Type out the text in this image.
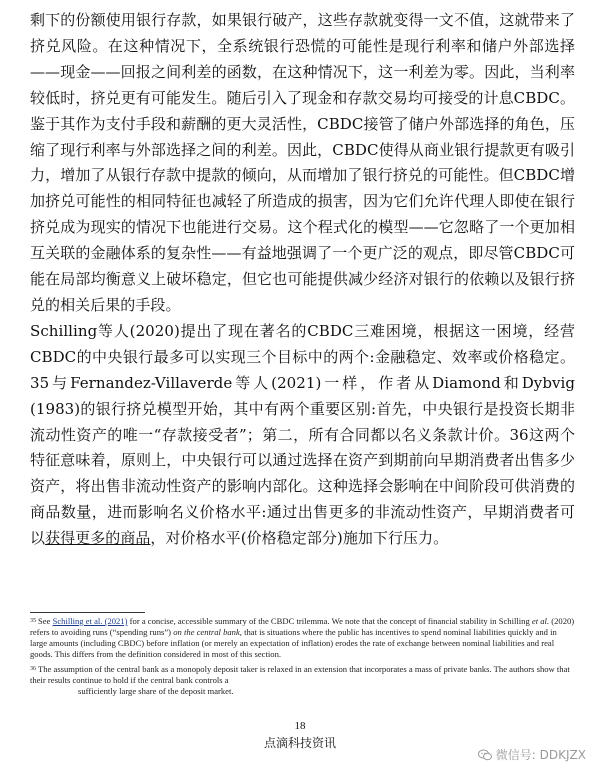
剩下的份额使用银行存款，如果银行破产，这些存款就变得一文不值，这就带来了挤兑风险。在这种情况下，全系统银行恐慌的可能性是现行利率和储户外部选择——现金——回报之间利差的函数，在这种情况下，这一利差为零。因此，当利率较低时，挤兑更有可能发生。随后引入了现金和存款交易均可接受的计息CBDC。鉴于其作为支付手段和薪酬的更大灵活性，CBDC接管了储户外部选择的角色，压缩了现行利率与外部选择之间的利差。因此，CBDC使得从商业银行提款更有吸引力，增加了从银行存款中提款的倾向，从而增加了银行挤兑的可能性。但CBDC增加挤兑可能性的相同特征也减轻了所造成的损害，因为它们允许代理人即使在银行挤兑成为现实的情况下也能进行交易。这个程式化的模型——它忽略了一个更加相互关联的金融体系的复杂性——有益地强调了一个更广泛的观点，即尽管CBDC可能在局部均衡意义上破坏稳定，但它也可能提供减少经济对银行的依赖以及银行挤兑的相关后果的手段。

Schilling等人(2020)提出了现在著名的CBDC三难困境，根据这一困境，经营CBDC的中央银行最多可以实现三个目标中的两个:金融稳定、效率或价格稳定。35与Fernandez-Villaverde等人(2021)一样，作者从Diamond和Dybvig (1983)的银行挤兑模型开始，其中有两个重要区别:首先，中央银行是投资长期非流动性资产的唯一“存款接受者”；第二，所有合同都以名义条款计价。36这两个特征意味着，原则上，中央银行可以通过选择在资产到期前向早期消费者出售多少资产，将出售非流动性资产的影响内部化。这种选择会影响在中间阶段可供消费的商品数量，进而影响名义价格水平:通过出售更多的非流动性资产，早期消费者可以获得更多的商品，对价格水平(价格稳定部分)施加下行压力。

$^{35}$ See Schilling et al. (2021) for a concise, accessible summary of the CBDC trilemma. We note that the concept of financial stability in Schilling et al. (2020) refers to avoiding runs (“spending runs”) on the central bank, that is situations where the public has incentives to spend nominal liabilities quickly and in large amounts (including CBDC) before inflation (or merely an expectation of inflation) erodes the rate of exchange between nominal liabilities and real goods. This differs from the definition considered in most of this section.

$^{36}$ The assumption of the central bank as a monopoly deposit taker is relaxed in an extension that incorporates a mass of private banks. The authors show that their results continue to hold if the central bank controls a
sufficiently large share of the deposit market.

18
点滴科技资讯
微信号: DDKJZX
